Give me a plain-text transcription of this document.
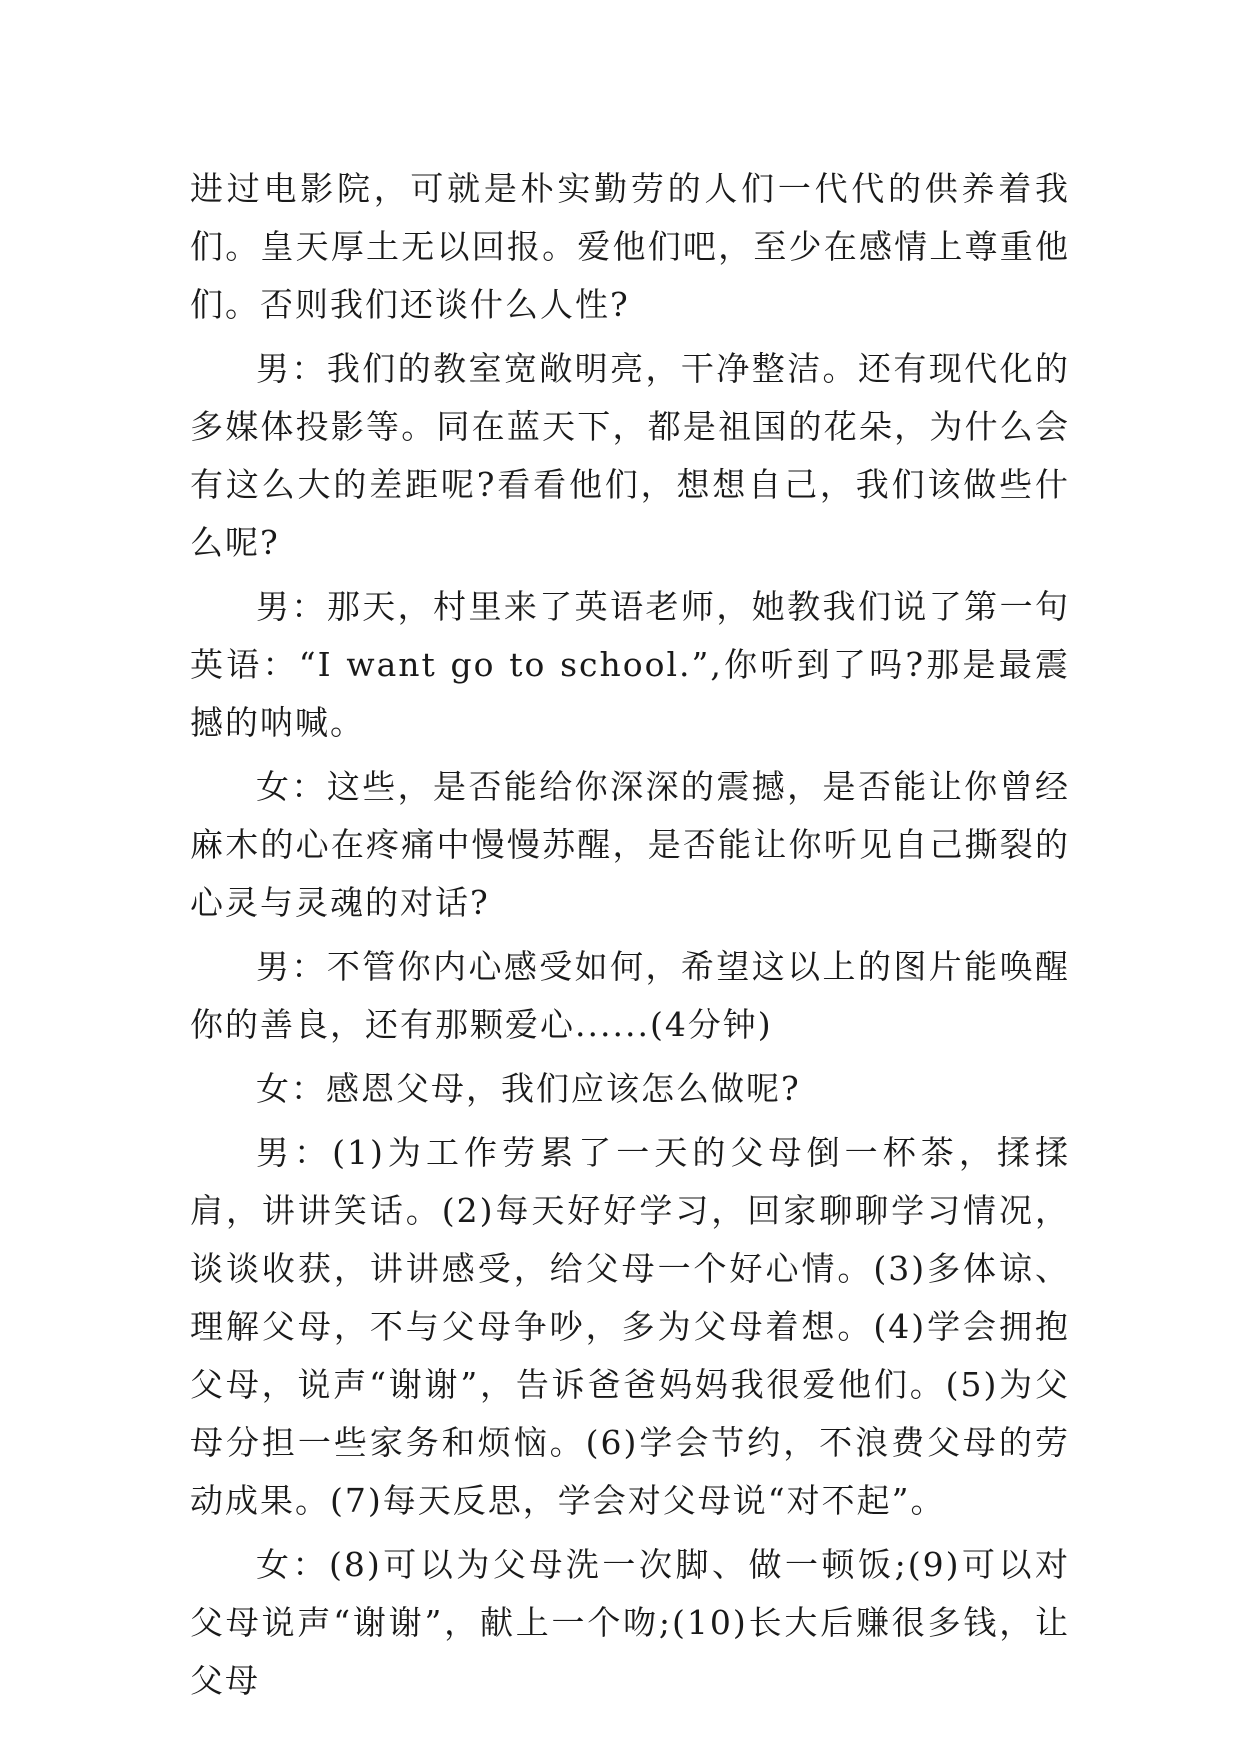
进过电影院，可就是朴实勤劳的人们一代代的供养着我们。皇天厚土无以回报。爱他们吧，至少在感情上尊重他们。否则我们还谈什么人性?

男：我们的教室宽敞明亮，干净整洁。还有现代化的多媒体投影等。同在蓝天下，都是祖国的花朵，为什么会有这么大的差距呢?看看他们，想想自己，我们该做些什么呢?

男：那天，村里来了英语老师，她教我们说了第一句英语：“I want go to school.”,你听到了吗?那是最震撼的呐喊。

女：这些，是否能给你深深的震撼，是否能让你曾经麻木的心在疼痛中慢慢苏醒，是否能让你听见自己撕裂的心灵与灵魂的对话?

男：不管你内心感受如何，希望这以上的图片能唤醒你的善良，还有那颗爱心......(4分钟)

女：感恩父母，我们应该怎么做呢?

男：(1)为工作劳累了一天的父母倒一杯茶，揉揉肩，讲讲笑话。(2)每天好好学习，回家聊聊学习情况，谈谈收获，讲讲感受，给父母一个好心情。(3)多体谅、理解父母，不与父母争吵，多为父母着想。(4)学会拥抱父母，说声“谢谢”，告诉爸爸妈妈我很爱他们。(5)为父母分担一些家务和烦恼。(6)学会节约，不浪费父母的劳动成果。(7)每天反思，学会对父母说“对不起”。

女：(8)可以为父母洗一次脚、做一顿饭;(9)可以对父母说声“谢谢”，献上一个吻;(10)长大后赚很多钱，让父母
